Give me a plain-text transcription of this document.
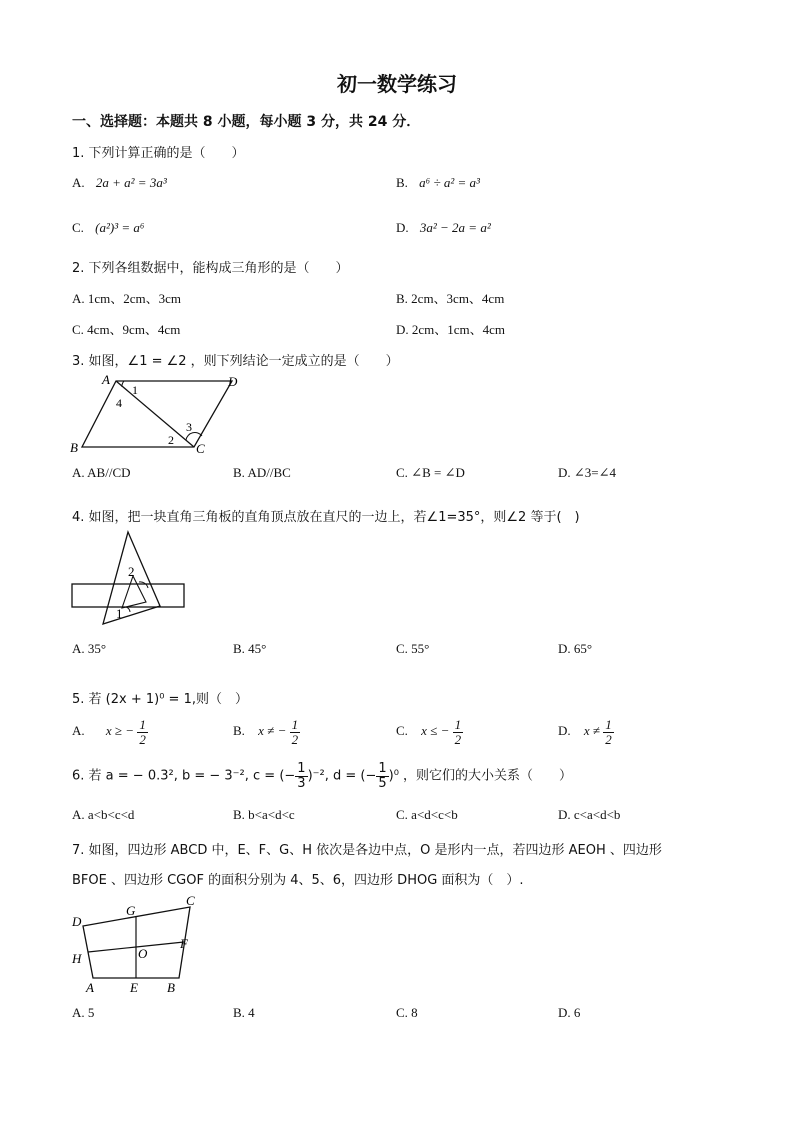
初一数学练习
一、选择题：本题共 8 小题，每小题 3 分，共 24 分．
1. 下列计算正确的是（　　）
A. 2a + a² = 3a³	B. a⁶ ÷ a² = a³
C. (a²)³ = a⁶	D. 3a² − 2a = a²
2. 下列各组数据中，能构成三角形的是（　　）
A. 1cm、2cm、3cm	B. 2cm、3cm、4cm
C. 4cm、9cm、4cm	D. 2cm、1cm、4cm
3. 如图，∠1 = ∠2 ，则下列结论一定成立的是（　　）
A	D
B	C
1
4
2
3
A. AB//CD	B. AD//BC	C. ∠B = ∠D	D. ∠3=∠4
4. 如图，把一块直角三角板的直角顶点放在直尺的一边上，若∠1=35°，则∠2 等于(　)
2
1
A. 35°	B. 45°	C. 55°	D. 65°
5. 若 (2x + 1)⁰ = 1,则（　）
A. x ≥ − $\frac{1}{2}$	B. x ≠ − $\frac{1}{2}$	C. x ≤ − $\frac{1}{2}$	D. $x \ne \frac{1}{2}$
6. 若 a = − 0.3², b = − 3⁻², c = (− $\frac{1}{3} )^{-2}$, d = (− $\frac{1}{5} )^0$ ，则它们的大小关系（　　）
A. a<b<c<d	B. b<a<d<c	C. a<d<c<b	D. c<a<d<b
7. 如图，四边形 ABCD 中，E、F、G、H 依次是各边中点，O 是形内一点，若四边形 AEOH 、四边形
BFOE 、四边形 CGOF 的面积分别为 4、5、6，四边形 DHOG 面积为（　）.
D
G
C
H	O
F
A	E B
A. 5	B. 4	C. 8	D. 6
